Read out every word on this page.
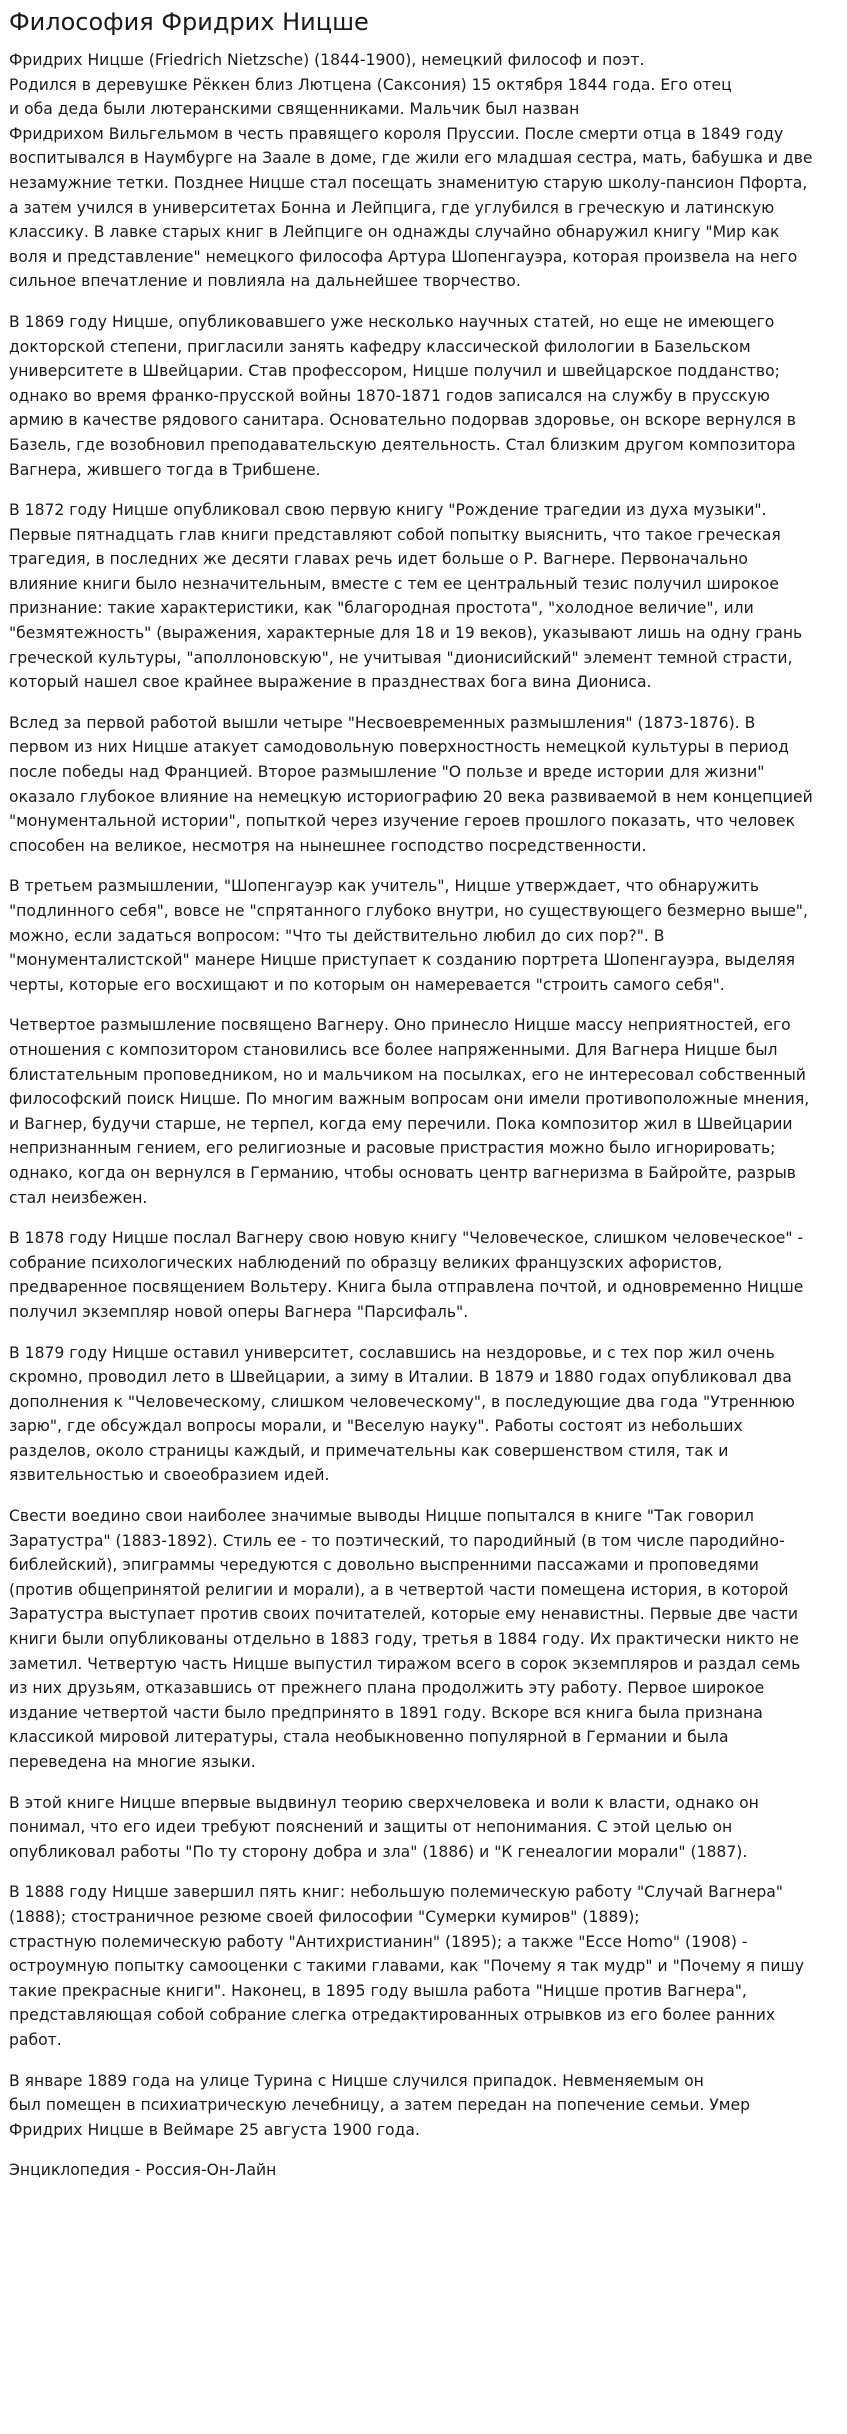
Философия Фридрих Ницше

Фридрих Ницше (Friedrich Nietzsche) (1844-1900), немецкий философ и поэт.
Родился в деревушке Рёккен близ Лютцена (Саксония) 15 октября 1844 года. Его отец
и оба деда были лютеранскими священниками. Мальчик был назван
Фридрихом Вильгельмом в честь правящего короля Пруссии. После смерти отца в 1849 году
воспитывался в Наумбурге на Заале в доме, где жили его младшая сестра, мать, бабушка и две
незамужние тетки. Позднее Ницше стал посещать знаменитую старую школу-пансион Пфорта,
а затем учился в университетах Бонна и Лейпцига, где углубился в греческую и латинскую
классику. В лавке старых книг в Лейпциге он однажды случайно обнаружил книгу "Мир как
воля и представление" немецкого философа Артура Шопенгауэра, которая произвела на него
сильное впечатление и повлияла на дальнейшее творчество.

В 1869 году Ницше, опубликовавшего уже несколько научных статей, но еще не имеющего
докторской степени, пригласили занять кафедру классической филологии в Базельском
университете в Швейцарии. Став профессором, Ницше получил и швейцарское подданство;
однако во время франко-прусской войны 1870-1871 годов записался на службу в прусскую
армию в качестве рядового санитара. Основательно подорвав здоровье, он вскоре вернулся в
Базель, где возобновил преподавательскую деятельность. Стал близким другом композитора
Вагнера, жившего тогда в Трибшене.

В 1872 году Ницше опубликовал свою первую книгу "Рождение трагедии из духа музыки".
Первые пятнадцать глав книги представляют собой попытку выяснить, что такое греческая
трагедия, в последних же десяти главах речь идет больше о Р. Вагнере. Первоначально
влияние книги было незначительным, вместе с тем ее центральный тезис получил широкое
признание: такие характеристики, как "благородная простота", "холодное величие", или
"безмятежность" (выражения, характерные для 18 и 19 веков), указывают лишь на одну грань
греческой культуры, "аполлоновскую", не учитывая "дионисийский" элемент темной страсти,
который нашел свое крайнее выражение в празднествах бога вина Диониса.

Вслед за первой работой вышли четыре "Несвоевременных размышления" (1873-1876). В
первом из них Ницше атакует самодовольную поверхностность немецкой культуры в период
после победы над Францией. Второе размышление "О пользе и вреде истории для жизни"
оказало глубокое влияние на немецкую историографию 20 века развиваемой в нем концепцией
"монументальной истории", попыткой через изучение героев прошлого показать, что человек
способен на великое, несмотря на нынешнее господство посредственности.

В третьем размышлении, "Шопенгауэр как учитель", Ницше утверждает, что обнаружить
"подлинного себя", вовсе не "спрятанного глубоко внутри, но существующего безмерно выше",
можно, если задаться вопросом: "Что ты действительно любил до сих пор?". В
"монументалистской" манере Ницше приступает к созданию портрета Шопенгауэра, выделяя
черты, которые его восхищают и по которым он намеревается "строить самого себя".

Четвертое размышление посвящено Вагнеру. Оно принесло Ницше массу неприятностей, его
отношения с композитором становились все более напряженными. Для Вагнера Ницше был
блистательным проповедником, но и мальчиком на посылках, его не интересовал собственный
философский поиск Ницше. По многим важным вопросам они имели противоположные мнения,
и Вагнер, будучи старше, не терпел, когда ему перечили. Пока композитор жил в Швейцарии
непризнанным гением, его религиозные и расовые пристрастия можно было игнорировать;
однако, когда он вернулся в Германию, чтобы основать центр вагнеризма в Байройте, разрыв
стал неизбежен.

В 1878 году Ницше послал Вагнеру свою новую книгу "Человеческое, слишком человеческое" -
собрание психологических наблюдений по образцу великих французских афористов,
предваренное посвящением Вольтеру. Книга была отправлена почтой, и одновременно Ницше
получил экземпляр новой оперы Вагнера "Парсифаль".

В 1879 году Ницше оставил университет, сославшись на нездоровье, и с тех пор жил очень
скромно, проводил лето в Швейцарии, а зиму в Италии. В 1879 и 1880 годах опубликовал два
дополнения к "Человеческому, слишком человеческому", в последующие два года "Утреннюю
зарю", где обсуждал вопросы морали, и "Веселую науку". Работы состоят из небольших
разделов, около страницы каждый, и примечательны как совершенством стиля, так и
язвительностью и своеобразием идей.

Свести воедино свои наиболее значимые выводы Ницше попытался в книге "Так говорил
Заратустра" (1883-1892). Стиль ее - то поэтический, то пародийный (в том числе пародийно-
библейский), эпиграммы чередуются с довольно выспренними пассажами и проповедями
(против общепринятой религии и морали), а в четвертой части помещена история, в которой
Заратустра выступает против своих почитателей, которые ему ненавистны. Первые две части
книги были опубликованы отдельно в 1883 году, третья в 1884 году. Их практически никто не
заметил. Четвертую часть Ницше выпустил тиражом всего в сорок экземпляров и раздал семь
из них друзьям, отказавшись от прежнего плана продолжить эту работу. Первое широкое
издание четвертой части было предпринято в 1891 году. Вскоре вся книга была признана
классикой мировой литературы, стала необыкновенно популярной в Германии и была
переведена на многие языки.

В этой книге Ницше впервые выдвинул теорию сверхчеловека и воли к власти, однако он
понимал, что его идеи требуют пояснений и защиты от непонимания. С этой целью он
опубликовал работы "По ту сторону добра и зла" (1886) и "К генеалогии морали" (1887).

В 1888 году Ницше завершил пять книг: небольшую полемическую работу "Случай Вагнера"
(1888); стостраничное резюме своей философии "Сумерки кумиров" (1889);
страстную полемическую работу "Антихристианин" (1895); а также "Ecce Homo" (1908) -
остроумную попытку самооценки с такими главами, как "Почему я так мудр" и "Почему я пишу
такие прекрасные книги". Наконец, в 1895 году вышла работа "Ницше против Вагнера",
представляющая собой собрание слегка отредактированных отрывков из его более ранних
работ.

В январе 1889 года на улице Турина с Ницше случился припадок. Невменяемым он
был помещен в психиатрическую лечебницу, а затем передан на попечение семьи. Умер
Фридрих Ницше в Веймаре 25 августа 1900 года.

Энциклопедия - Россия-Он-Лайн
